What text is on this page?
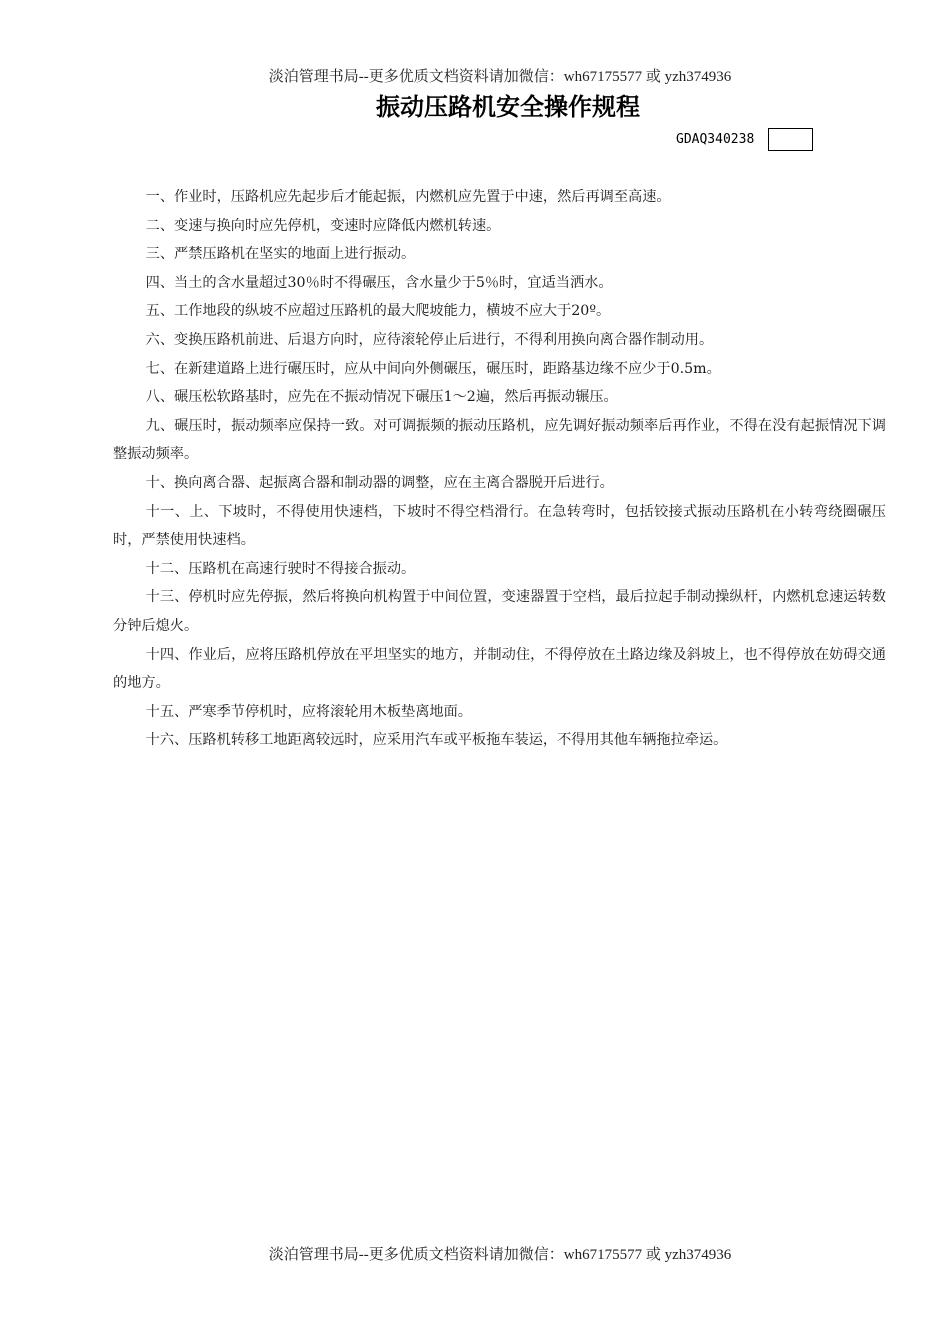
淡泊管理书局--更多优质文档资料请加微信：wh67175577 或 yzh374936
振动压路机安全操作规程
GDAQ340238

一、作业时，压路机应先起步后才能起振，内燃机应先置于中速，然后再调至高速。

二、变速与换向时应先停机，变速时应降低内燃机转速。

三、严禁压路机在坚实的地面上进行振动。

四、当土的含水量超过30％时不得碾压，含水量少于5％时，宜适当洒水。

五、工作地段的纵坡不应超过压路机的最大爬坡能力，横坡不应大于20º。

六、变换压路机前进、后退方向时，应待滚轮停止后进行，不得利用换向离合器作制动用。

七、在新建道路上进行碾压时，应从中间向外侧碾压，碾压时，距路基边缘不应少于0.5m。

八、碾压松软路基时，应先在不振动情况下碾压1～2遍，然后再振动辗压。

九、碾压时，振动频率应保持一致。对可调振频的振动压路机，应先调好振动频率后再作业，不得在没有起振情况下调整振动频率。

十、换向离合器、起振离合器和制动器的调整，应在主离合器脱开后进行。

十一、上、下坡时，不得使用快速档，下坡时不得空档滑行。在急转弯时，包括铰接式振动压路机在小转弯绕圈碾压时，严禁使用快速档。

十二、压路机在高速行驶时不得接合振动。

十三、停机时应先停振，然后将换向机构置于中间位置，变速器置于空档，最后拉起手制动操纵杆，内燃机怠速运转数分钟后熄火。

十四、作业后，应将压路机停放在平坦坚实的地方，并制动住，不得停放在土路边缘及斜坡上，也不得停放在妨碍交通的地方。

十五、严寒季节停机时，应将滚轮用木板垫离地面。

十六、压路机转移工地距离较远时，应采用汽车或平板拖车装运，不得用其他车辆拖拉牵运。

淡泊管理书局--更多优质文档资料请加微信：wh67175577 或 yzh374936
